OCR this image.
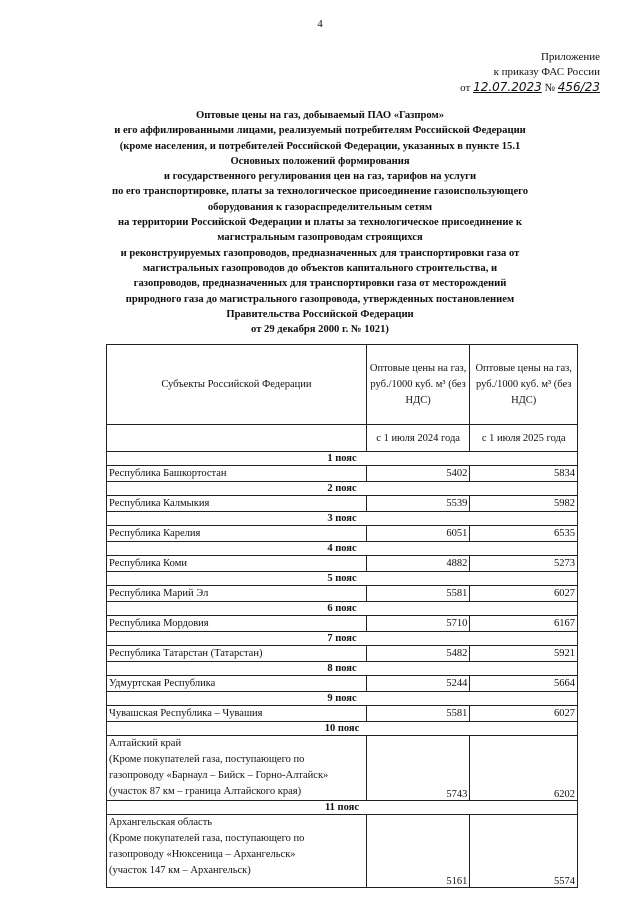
4
Приложение
к приказу ФАС России
от 12.07.2023 № 456/23
Оптовые цены на газ, добываемый ПАО «Газпром»
и его аффилированными лицами, реализуемый потребителям Российской Федерации
(кроме населения, и потребителей Российской Федерации, указанных в пункте 15.1
Основных положений формирования
и государственного регулирования цен на газ, тарифов на услуги
по его транспортировке, платы за технологическое присоединение газоиспользующего
оборудования к газораспределительным сетям
на территории Российской Федерации и платы за технологическое присоединение к
магистральным газопроводам строящихся
и реконструируемых газопроводов, предназначенных для транспортировки газа от
магистральных газопроводов до объектов капитального строительства, и
газопроводов, предназначенных для транспортировки газа от месторождений
природного газа до магистрального газопровода, утвержденных постановлением
Правительства Российской Федерации
от 29 декабря 2000 г. № 1021)
Субъекты Российской Федерации	Оптовые цены на газ, руб./1000 куб. м³ (без НДС)	Оптовые цены на газ, руб./1000 куб. м³ (без НДС)
	с 1 июля 2024 года	с 1 июля 2025 года
1 пояс		
Республика Башкортостан	5402	5834
2 пояс		
Республика Калмыкия	5539	5982
3 пояс		
Республика Карелия	6051	6535
4 пояс		
Республика Коми	4882	5273
5 пояс		
Республика Марий Эл	5581	6027
6 пояс		
Республика Мордовия	5710	6167
7 пояс		
Республика Татарстан (Татарстан)	5482	5921
8 пояс		
Удмуртская Республика	5244	5664
9 пояс		
Чувашская Республика – Чувашия	5581	6027
10 пояс		

Алтайский край
(Кроме покупателей газа, поступающего по
газопроводу «Барнаул – Бийск – Горно-Алтайск»
(участок 87 км – граница Алтайского края)	5743	6202
11 пояс		

Архангельская область
(Кроме покупателей газа, поступающего по
газопроводу «Нюксеница – Архангельск»
(участок 147 км – Архангельск)	5161	5574
